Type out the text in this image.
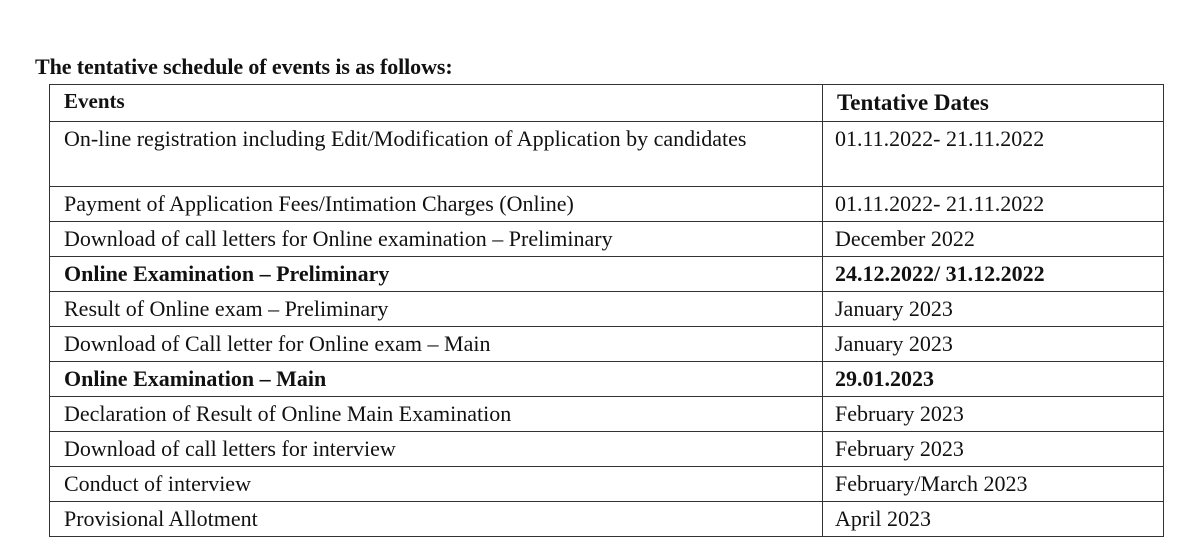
The tentative schedule of events is as follows:
Events	Tentative Dates
On-line registration including Edit/Modification of Application by candidates	01.11.2022- 21.11.2022
Payment of Application Fees/Intimation Charges (Online)	01.11.2022- 21.11.2022
Download of call letters for Online examination – Preliminary	December 2022
Online Examination – Preliminary	24.12.2022/ 31.12.2022
Result of Online exam – Preliminary	January 2023
Download of Call letter for Online exam – Main	January 2023
Online Examination – Main	29.01.2023
Declaration of Result of Online Main Examination	February 2023
Download of call letters for interview	February 2023
Conduct of interview	February/March 2023
Provisional Allotment	April 2023
